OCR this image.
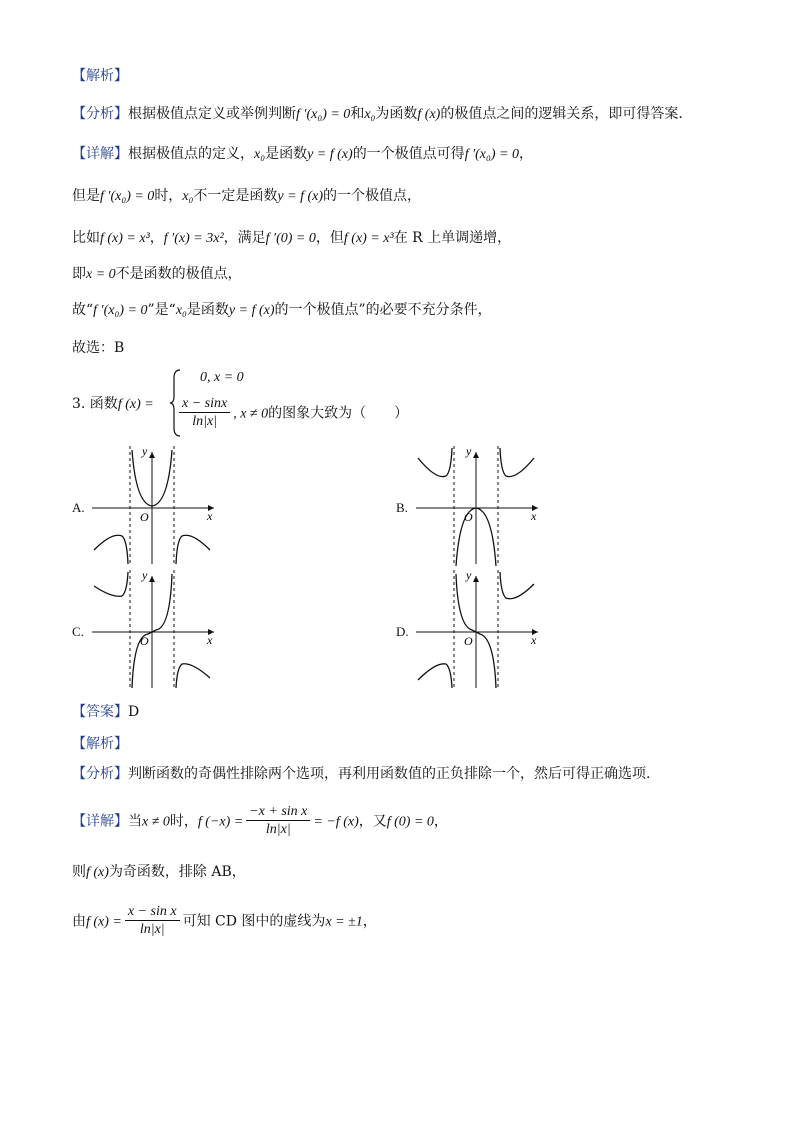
【解析】
【分析】根据极值点定义或举例判断f ′(x₀) = 0和x₀为函数f (x)的极值点之间的逻辑关系，即可得答案.
【详解】根据极值点的定义，x₀是函数y = f (x)的一个极值点可得f ′(x₀) = 0，
但是f ′(x₀) = 0时，x₀不一定是函数y = f (x)的一个极值点，
比如f (x) = x³，f ′(x) = 3x²，满足f ′(0) = 0，但f (x) = x³在 R 上单调递增，
即x = 0不是函数的极值点，
故“f ′(x₀) = 0”是“x₀是函数y = f (x)的一个极值点”的必要不充分条件，
故选：B
3. 函数f (x) =
0, x = 0
$\frac{x - \sin x}{\ln|x|}$ , x ≠ 0的图象大致为（　　）
A.	B.
C.	D.
y
x
O
y
x
O
y
x
O
y
x
O
【答案】D
【解析】
【分析】判断函数的奇偶性排除两个选项，再利用函数值的正负排除一个，然后可得正确选项.
【详解】当x ≠ 0时，f $(-x) = \frac{\text{−x + sin x}}{\ln|x|} = -f$ (x)，又f (0) = 0，
则f (x)为奇函数，排除 AB，
由f $(x) = \frac{\text{x − sin x}}{\ln|x|}$ 可知 CD 图中的虚线为x = ±1，
